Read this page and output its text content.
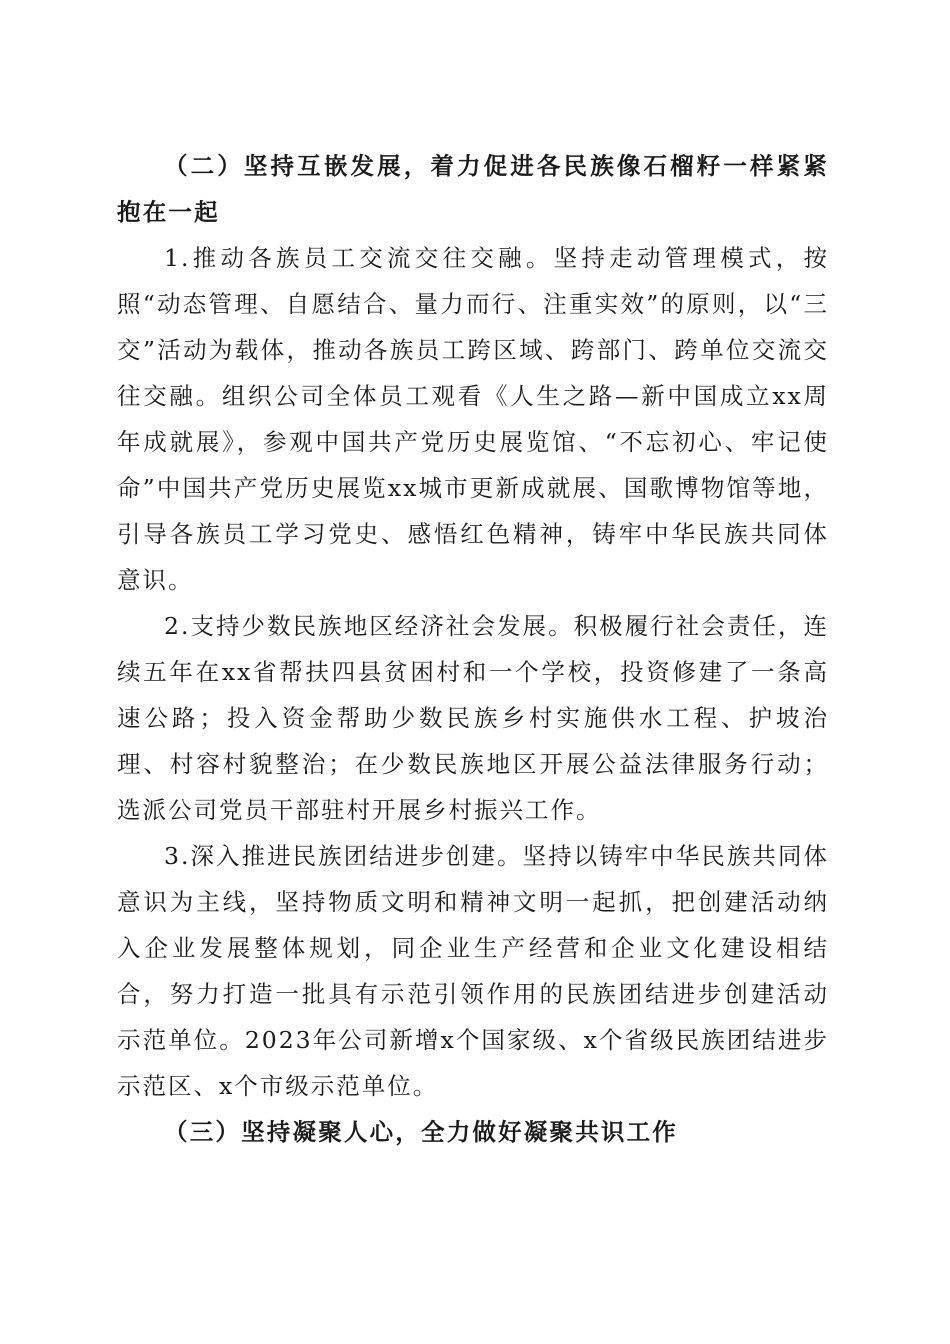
（二）坚持互嵌发展，着力促进各民族像石榴籽一样紧紧抱在一起

1.推动各族员工交流交往交融。坚持走动管理模式，按照“动态管理、自愿结合、量力而行、注重实效”的原则，以“三交”活动为载体，推动各族员工跨区域、跨部门、跨单位交流交往交融。组织公司全体员工观看《人生之路—新中国成立xx周年成就展》，参观中国共产党历史展览馆、“不忘初心、牢记使命”中国共产党历史展览xx城市更新成就展、国歌博物馆等地，引导各族员工学习党史、感悟红色精神，铸牢中华民族共同体意识。

2.支持少数民族地区经济社会发展。积极履行社会责任，连续五年在xx省帮扶四县贫困村和一个学校，投资修建了一条高速公路；投入资金帮助少数民族乡村实施供水工程、护坡治理、村容村貌整治；在少数民族地区开展公益法律服务行动；选派公司党员干部驻村开展乡村振兴工作。

3.深入推进民族团结进步创建。坚持以铸牢中华民族共同体意识为主线，坚持物质文明和精神文明一起抓，把创建活动纳入企业发展整体规划，同企业生产经营和企业文化建设相结合，努力打造一批具有示范引领作用的民族团结进步创建活动示范单位。2023年公司新增x个国家级、x个省级民族团结进步示范区、x个市级示范单位。

（三）坚持凝聚人心，全力做好凝聚共识工作
